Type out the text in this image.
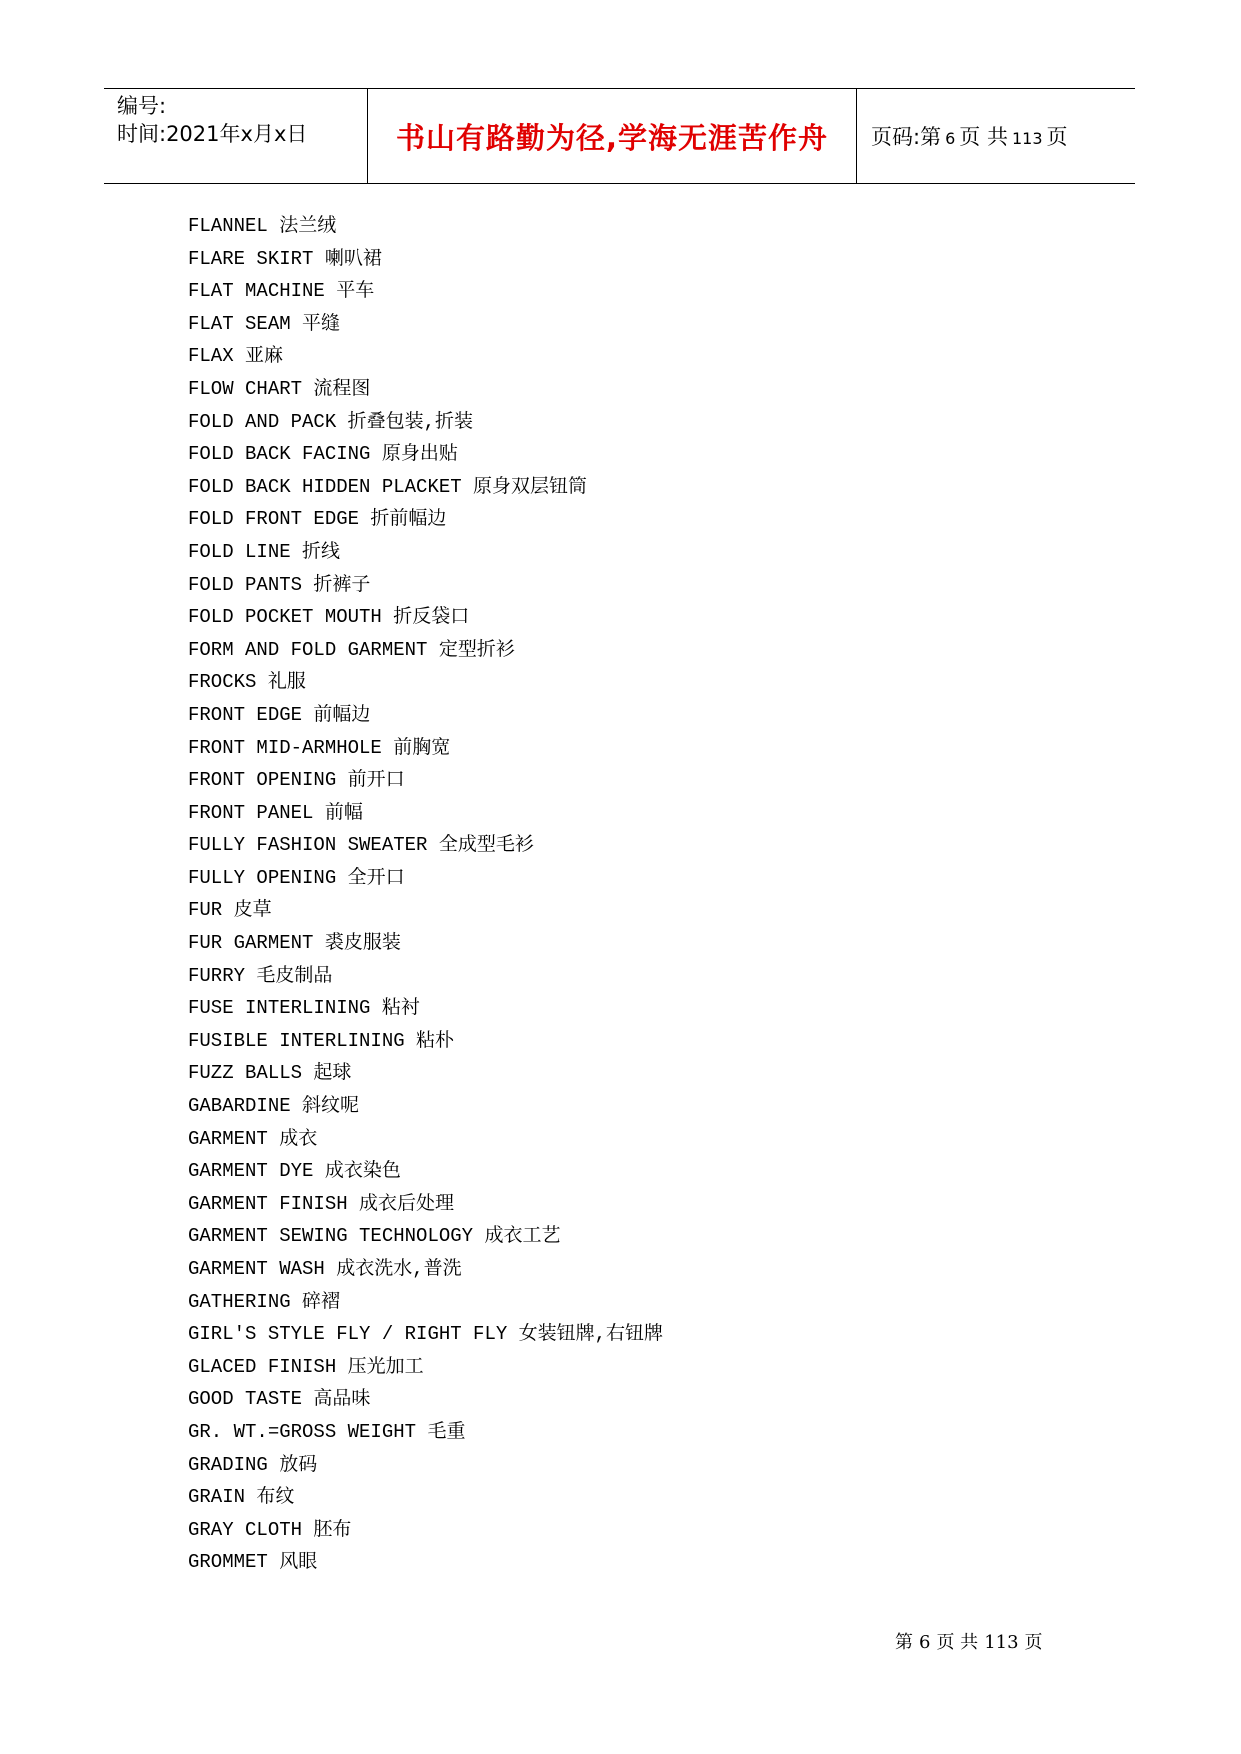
编号:
时间:2021年x月x日	书山有路勤为径,学海无涯苦作舟 页码:第 6 页 共 113 页
FLANNEL 法兰绒
FLARE SKIRT 喇叭裙
FLAT MACHINE 平车
FLAT SEAM 平缝
FLAX 亚麻
FLOW CHART 流程图
FOLD AND PACK 折叠包装,折装
FOLD BACK FACING 原身出贴
FOLD BACK HIDDEN PLACKET 原身双层钮筒
FOLD FRONT EDGE 折前幅边
FOLD LINE 折线
FOLD PANTS 折裤子
FOLD POCKET MOUTH 折反袋口
FORM AND FOLD GARMENT 定型折衫
FROCKS 礼服
FRONT EDGE 前幅边
FRONT MID-ARMHOLE 前胸宽
FRONT OPENING 前开口
FRONT PANEL 前幅
FULLY FASHION SWEATER 全成型毛衫
FULLY OPENING 全开口
FUR 皮草
FUR GARMENT 裘皮服装
FURRY 毛皮制品
FUSE INTERLINING 粘衬
FUSIBLE INTERLINING 粘朴
FUZZ BALLS 起球
GABARDINE 斜纹呢
GARMENT 成衣
GARMENT DYE 成衣染色
GARMENT FINISH 成衣后处理
GARMENT SEWING TECHNOLOGY 成衣工艺
GARMENT WASH 成衣洗水,普洗
GATHERING 碎褶
GIRL'S STYLE FLY / RIGHT FLY 女装钮牌,右钮牌
GLACED FINISH 压光加工
GOOD TASTE 高品味
GR. WT.=GROSS WEIGHT 毛重
GRADING 放码
GRAIN 布纹
GRAY CLOTH 胚布
GROMMET 风眼
第 6 页 共 113 页
